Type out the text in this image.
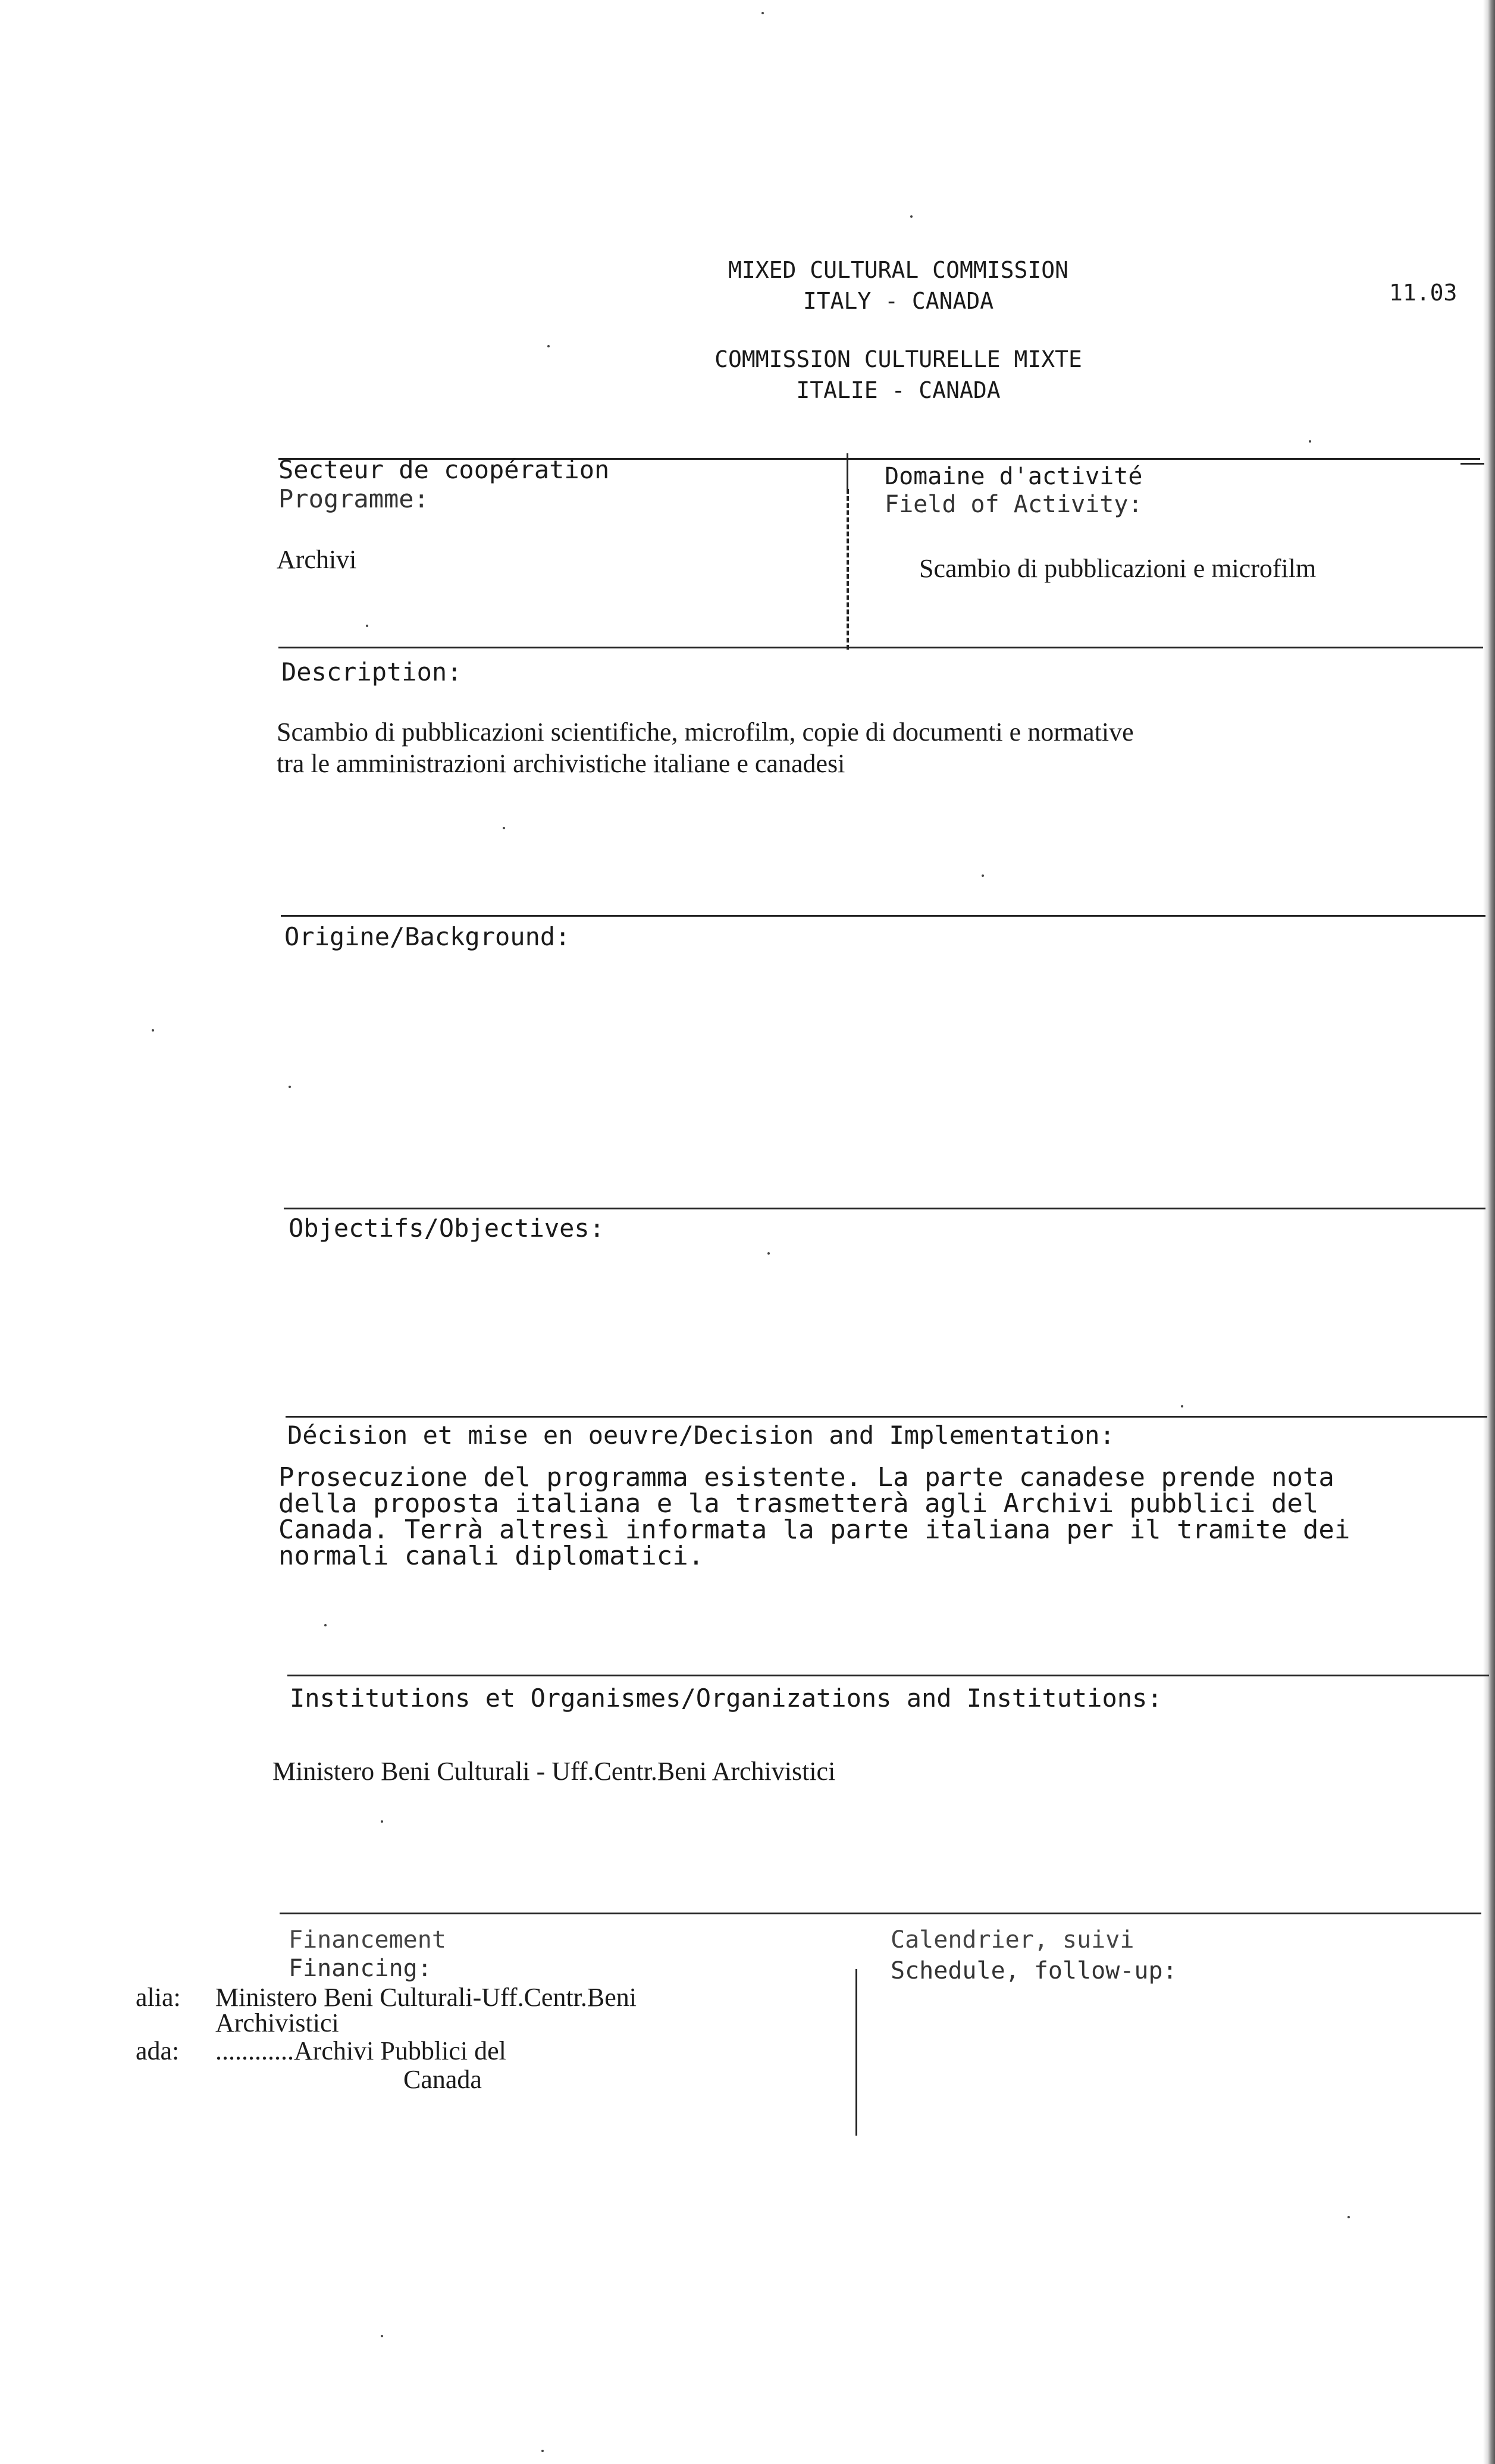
MIXED CULTURAL COMMISSION
ITALY - CANADA
COMMISSION CULTURELLE MIXTE
ITALIE - CANADA
11.03
Secteur de coopération
Programme:
Archivi
Domaine d'activité
Field of Activity:
Scambio di pubblicazioni e microfilm
Description:
Scambio di pubblicazioni scientifiche, microfilm, copie di documenti e normative
tra le amministrazioni archivistiche italiane e canadesi
Origine/Background:
Objectifs/Objectives:
Décision et mise en oeuvre/Decision and Implementation:
Prosecuzione del programma esistente. La parte canadese prende nota
della proposta italiana e la trasmetterà agli Archivi pubblici del
Canada. Terrà altresì informata la parte italiana per il tramite dei
normali canali diplomatici.
Institutions et Organismes/Organizations and Institutions:
Ministero Beni Culturali - Uff.Centr.Beni Archivistici
Financement
Financing:
alia: Ministero Beni Culturali-Uff.Centr.Beni
Archivistici
ada: ............Archivi Pubblici del
Canada
Calendrier, suivi
Schedule, follow-up:
